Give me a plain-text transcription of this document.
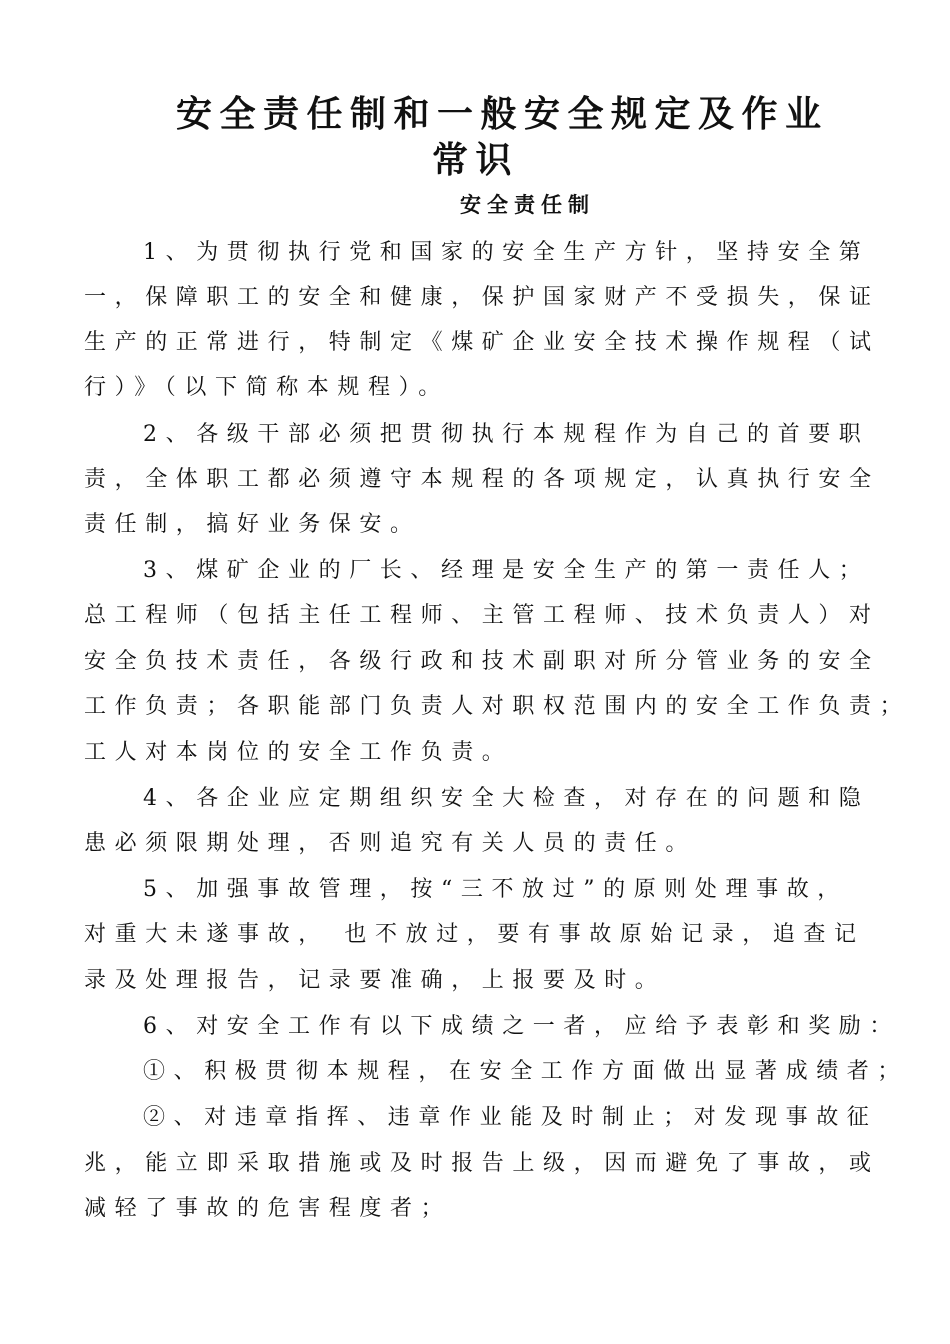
安全责任制和一般安全规定及作业
常识
安全责任制
1、为贯彻执行党和国家的安全生产方针，坚持安全第
一，保障职工的安全和健康，保护国家财产不受损失，保证
生产的正常进行，特制定《煤矿企业安全技术操作规程（试
行）》（以下简称本规程）。
2、各级干部必须把贯彻执行本规程作为自己的首要职
责，全体职工都必须遵守本规程的各项规定，认真执行安全
责任制，搞好业务保安。
3、煤矿企业的厂长、经理是安全生产的第一责任人；
总工程师（包括主任工程师、主管工程师、技术负责人）对
安全负技术责任，各级行政和技术副职对所分管业务的安全
工作负责；各职能部门负责人对职权范围内的安全工作负责；
工人对本岗位的安全工作负责。
4、各企业应定期组织安全大检查，对存在的问题和隐
患必须限期处理，否则追究有关人员的责任。
5、加强事故管理，按“三不放过”的原则处理事故，
对重大未遂事故， 也不放过，要有事故原始记录，追查记
录及处理报告，记录要准确，上报要及时。
6、对安全工作有以下成绩之一者，应给予表彰和奖励：
①、积极贯彻本规程，在安全工作方面做出显著成绩者；
②、对违章指挥、违章作业能及时制止；对发现事故征
兆，能立即采取措施或及时报告上级，因而避免了事故，或
减轻了事故的危害程度者；
